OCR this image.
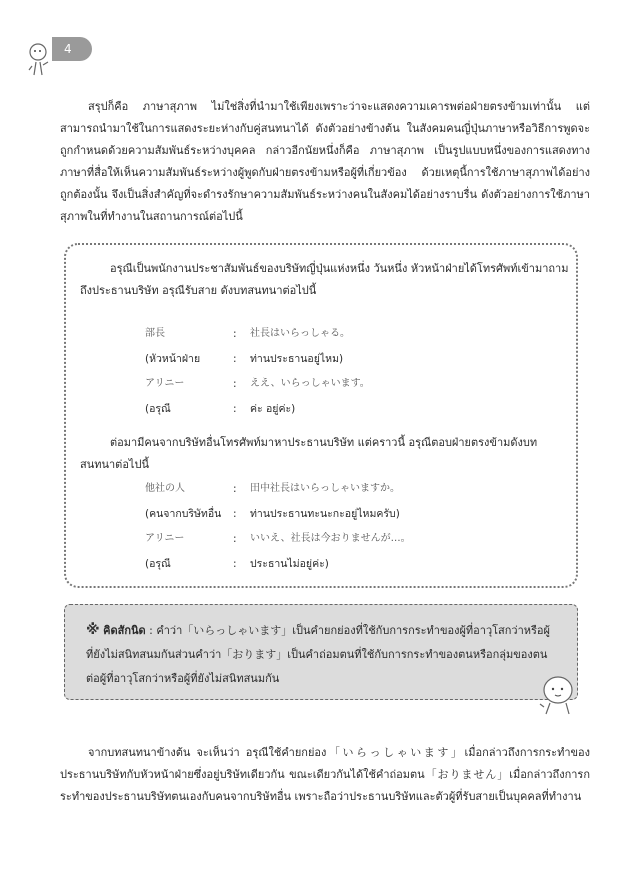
4
สรุปก็คือ ภาษาสุภาพ ไม่ใช่สิ่งที่นำมาใช้เพียงเพราะว่าจะแสดงความเคารพต่อฝ่ายตรงข้ามเท่านั้น แต่สามารถนำมาใช้ในการแสดงระยะห่างกับคู่สนทนาได้ ดังตัวอย่างข้างต้น ในสังคมคนญี่ปุ่นภาษาหรือวิธีการพูดจะถูกกำหนดด้วยความสัมพันธ์ระหว่างบุคคล กล่าวอีกนัยหนึ่งก็คือ ภาษาสุภาพ เป็นรูปแบบหนึ่งของการแสดงทางภาษาที่สื่อให้เห็นความสัมพันธ์ระหว่างผู้พูดกับฝ่ายตรงข้ามหรือผู้ที่เกี่ยวข้อง ด้วยเหตุนี้การใช้ภาษาสุภาพได้อย่างถูกต้องนั้น จึงเป็นสิ่งสำคัญที่จะดำรงรักษาความสัมพันธ์ระหว่างคนในสังคมได้อย่างราบรื่น ดังตัวอย่างการใช้ภาษาสุภาพในที่ทำงานในสถานการณ์ต่อไปนี้
อรุณีเป็นพนักงานประชาสัมพันธ์ของบริษัทญี่ปุ่นแห่งหนึ่ง วันหนึ่ง หัวหน้าฝ่ายได้โทรศัพท์เข้ามาถามถึงประธานบริษัท อรุณีรับสาย ดังบทสนทนาต่อไปนี้
部長	: 社長はいらっしゃる。
(หัวหน้าฝ่าย	: ท่านประธานอยู่ไหม)
アリニー	: ええ、いらっしゃいます。
(อรุณี	: ค่ะ อยู่ค่ะ)
ต่อมามีคนจากบริษัทอื่นโทรศัพท์มาหาประธานบริษัท แต่คราวนี้ อรุณีตอบฝ่ายตรงข้ามดังบทสนทนาต่อไปนี้
他社の人	: 田中社長はいらっしゃいますか。
(คนจากบริษัทอื่น : ท่านประธานทะนะกะอยู่ไหมครับ)
アリニー	: いいえ、社長は今おりませんが…。
(อรุณี	: ประธานไม่อยู่ค่ะ)
※ คิดสักนิด : คำว่า「いらっしゃいます」เป็นคำยกย่องที่ใช้กับการกระทำของผู้ที่อาวุโสกว่าหรือผู้ที่ยังไม่สนิทสนมกันส่วนคำว่า「おります」เป็นคำถ่อมตนที่ใช้กับการกระทำของตนหรือกลุ่มของตนต่อผู้ที่อาวุโสกว่าหรือผู้ที่ยังไม่สนิทสนมกัน
จากบทสนทนาข้างต้น จะเห็นว่า อรุณีใช้คำยกย่อง「いらっしゃいます」เมื่อกล่าวถึงการกระทำของประธานบริษัทกับหัวหน้าฝ่ายซึ่งอยู่บริษัทเดียวกัน ขณะเดียวกันได้ใช้คำถ่อมตน「おりません」เมื่อกล่าวถึงการกระทำของประธานบริษัทตนเองกับคนจากบริษัทอื่น เพราะถือว่าประธานบริษัทและตัวผู้ที่รับสายเป็นบุคคลที่ทำงาน
